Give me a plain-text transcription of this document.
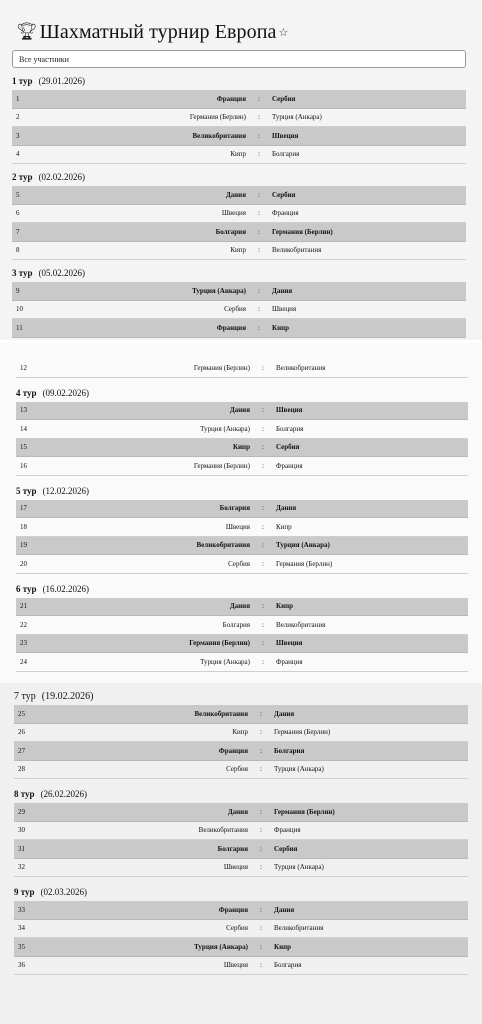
🏆︎ Шахматный турнир Европа ☆
Все участники
1 тур (29.01.2026)
1	Франция	:	Сербия
2	Германия (Берлин)	:	Турция (Анкара)
3	Великобритания	:	Швеция
4	Кипр	:	Болгария
2 тур (02.02.2026)
5	Дания	:	Сербия
6	Швеция	:	Франция
7	Болгария	:	Германия (Берлин)
8	Кипр	:	Великобритания
3 тур (05.02.2026)
9	Турция (Анкара)	:	Дания
10	Сербия	:	Швеция
11	Франция	:	Кипр
12	Германия (Берлин)	:	Великобритания
4 тур (09.02.2026)
13	Дания	:	Швеция
14	Турция (Анкара)	:	Болгария
15	Кипр	:	Сербия
16	Германия (Берлин)	:	Франция
5 тур (12.02.2026)
17	Болгария	:	Дания
18	Швеция	:	Кипр
19	Великобритания	:	Турция (Анкара)
20	Сербия	:	Германия (Берлин)
6 тур (16.02.2026)
21	Дания	:	Кипр
22	Болгария	:	Великобритания
23	Германия (Берлин)	:	Швеция
24	Турция (Анкара)	:	Франция
7 тур (19.02.2026)
25	Великобритания	:	Дания
26	Кипр	:	Германия (Берлин)
27	Франция	:	Болгария
28	Сербия	:	Турция (Анкара)
8 тур (26.02.2026)
29	Дания	:	Германия (Берлин)
30	Великобритания	:	Франция
31	Болгария	:	Сербия
32	Швеция	:	Турция (Анкара)
9 тур (02.03.2026)
33	Франция	:	Дания
34	Сербия	:	Великобритания
35	Турция (Анкара)	:	Кипр
36	Швеция	:	Болгария
